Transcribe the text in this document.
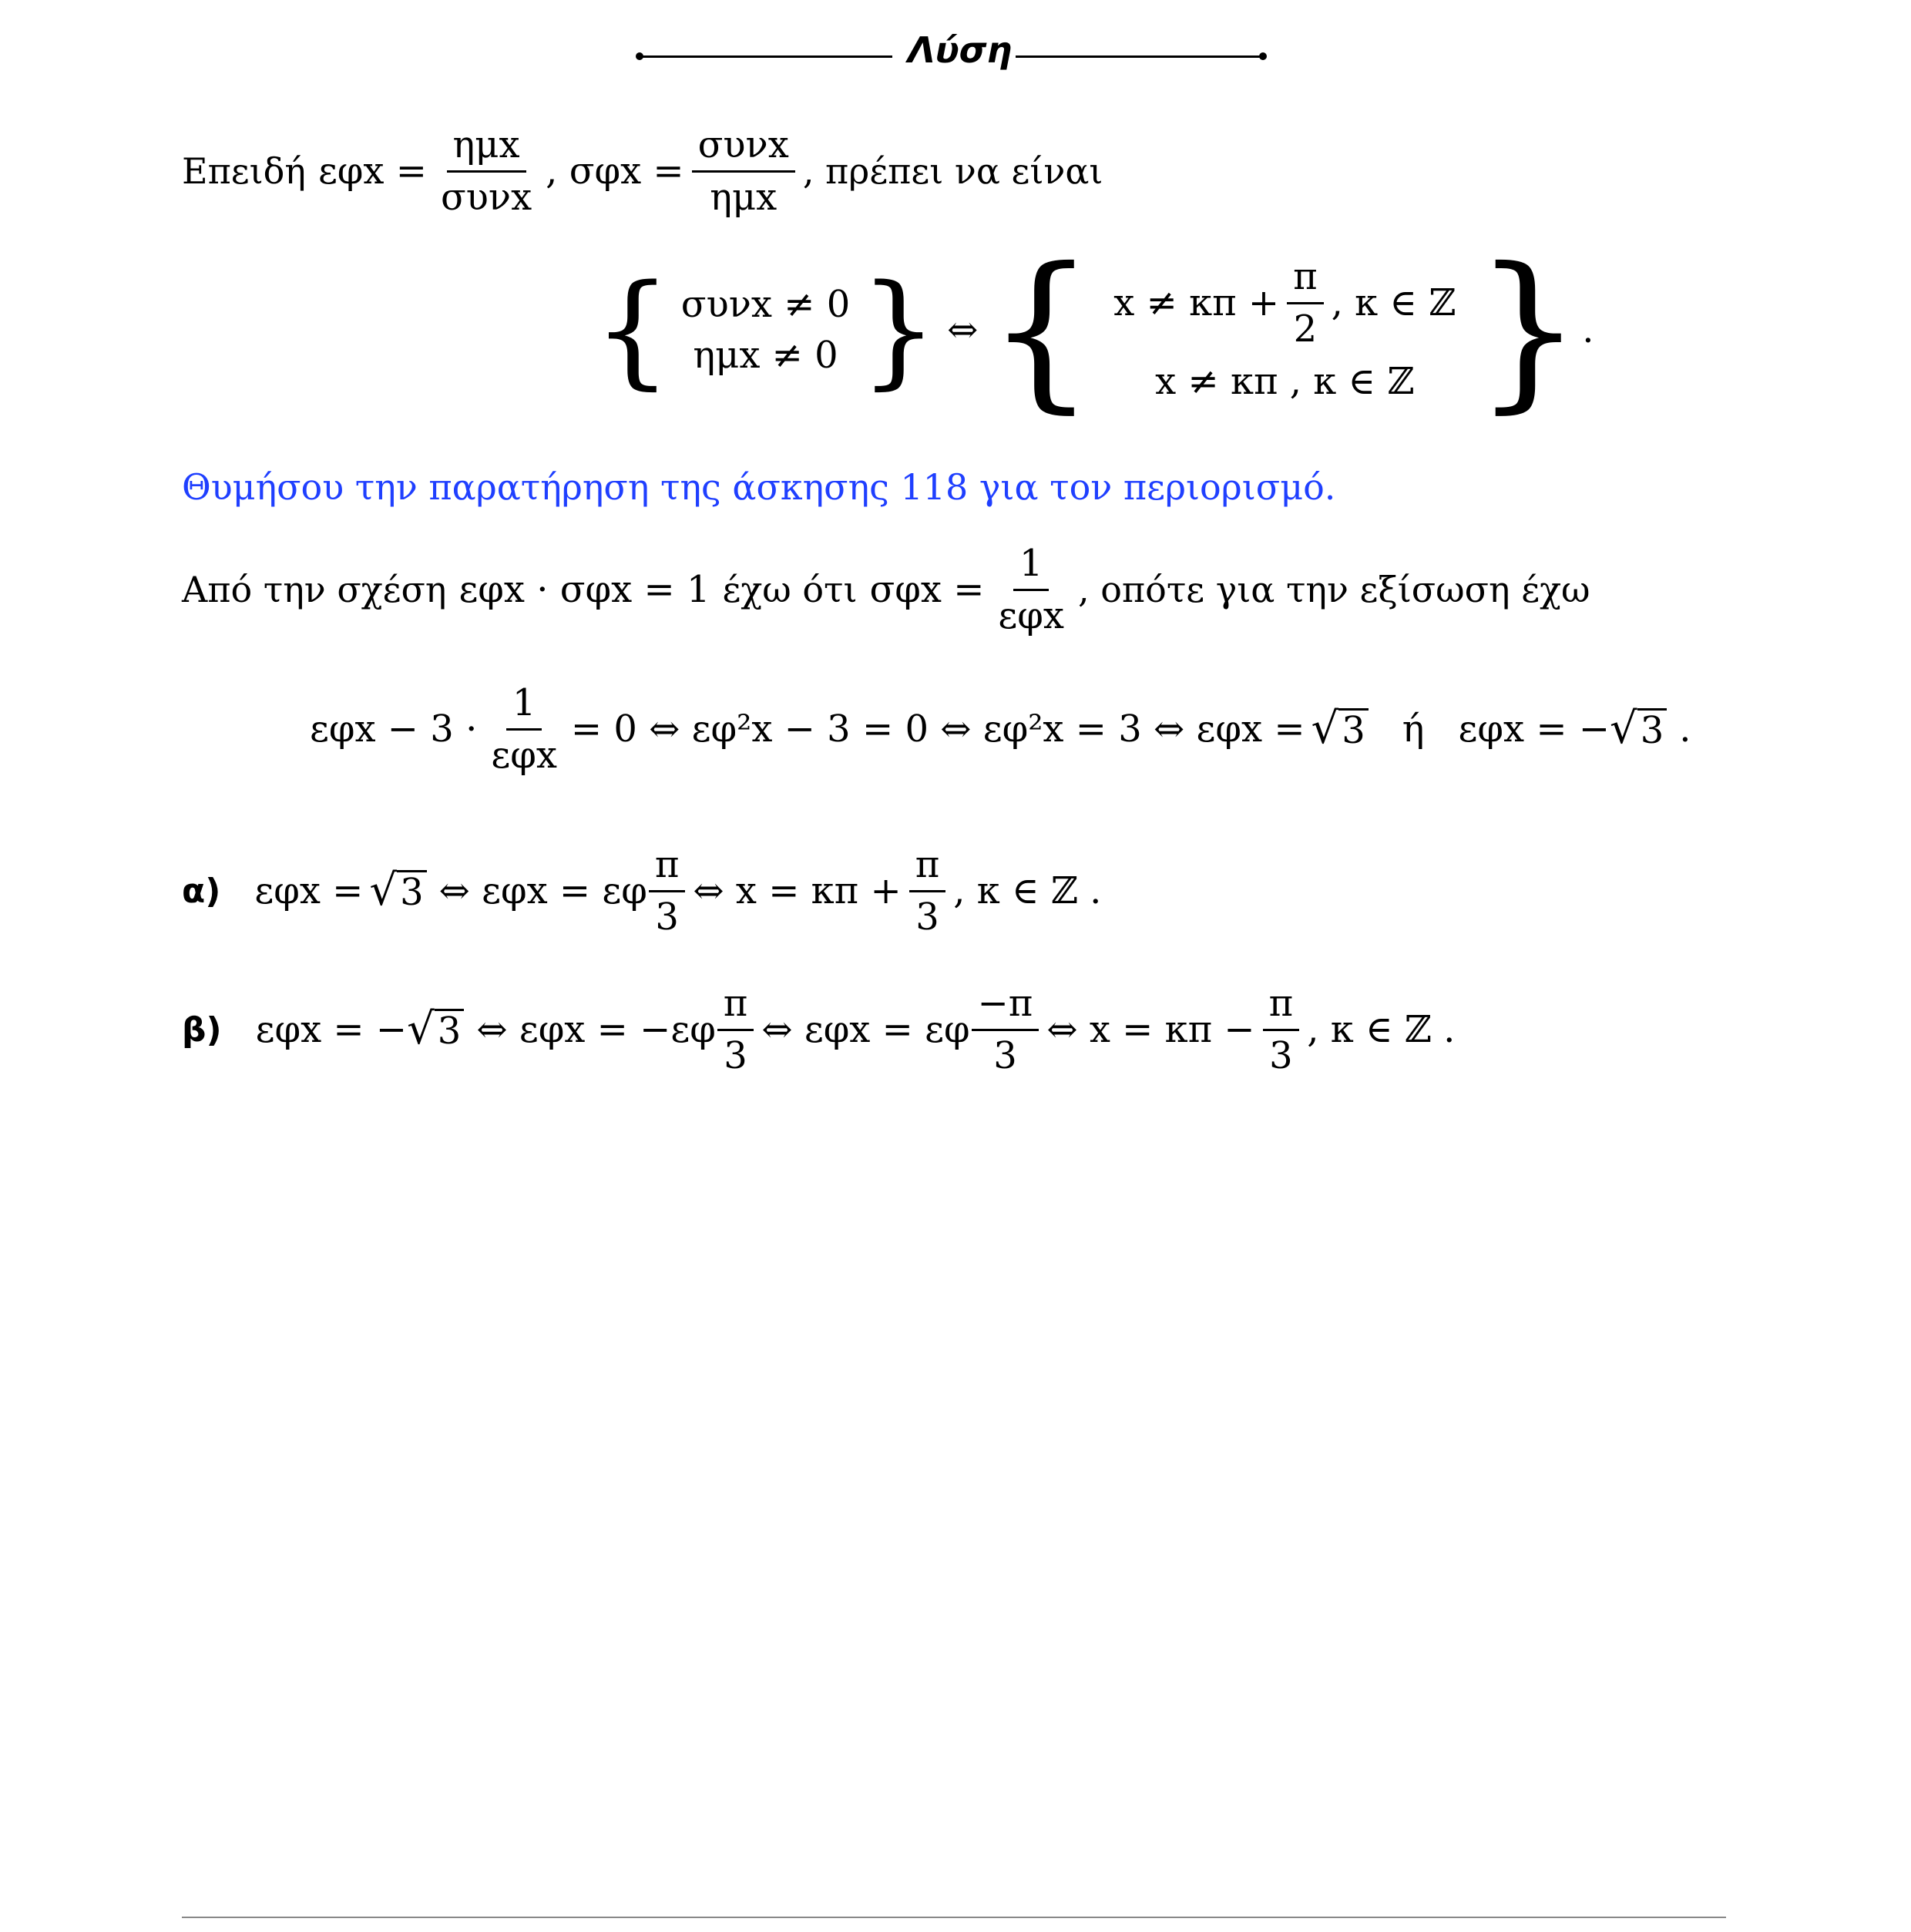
Λύση
Επειδή $\varepsilon\varphi x = \frac{\text{ημx}}{\text{συνx}}$ , $\sigma\varphi x = \frac{\text{συνx}}{\text{ημx}}$ , πρέπει να είναι
{ συνx ≠ 0
ημx ≠ 0 } ⇔ { $x \ne \kappa\pi + \frac{\pi}{2}$ , κ ∈ ℤ
x ≠ κπ , κ ∈ ℤ } .
Θυμήσου την παρατήρηση της άσκησης 118 για τον περιορισμό.
Από την σχέση εφx · σφx = 1 έχω ότι $\sigma\varphi x = \frac{1}{\text{εφx}}$ , οπότε για την εξίσωση έχω
$\varepsilon\varphi x - 3 \cdot \frac{1}{\text{εφx}} = 0$ ⇔ εφ²x − 3 = 0 ⇔ εφ²x = 3 ⇔ εφx = √ 3 ή εφx = − √ 3 .
α) εφx = √ 3 ⇔ εφx = εφ $\frac{\pi}{3}$ ⇔ $x = \kappa\pi + \frac{\pi}{3}$ , κ ∈ ℤ .
β) εφx = − √ 3 ⇔ $\varepsilon\varphi x = -\varepsilon\varphi \frac{\pi}{3}$ ⇔ εφx = εφ $\frac{-\pi}{3}$ ⇔ $x = \kappa\pi - \frac{\pi}{3}$ , κ ∈ ℤ .
